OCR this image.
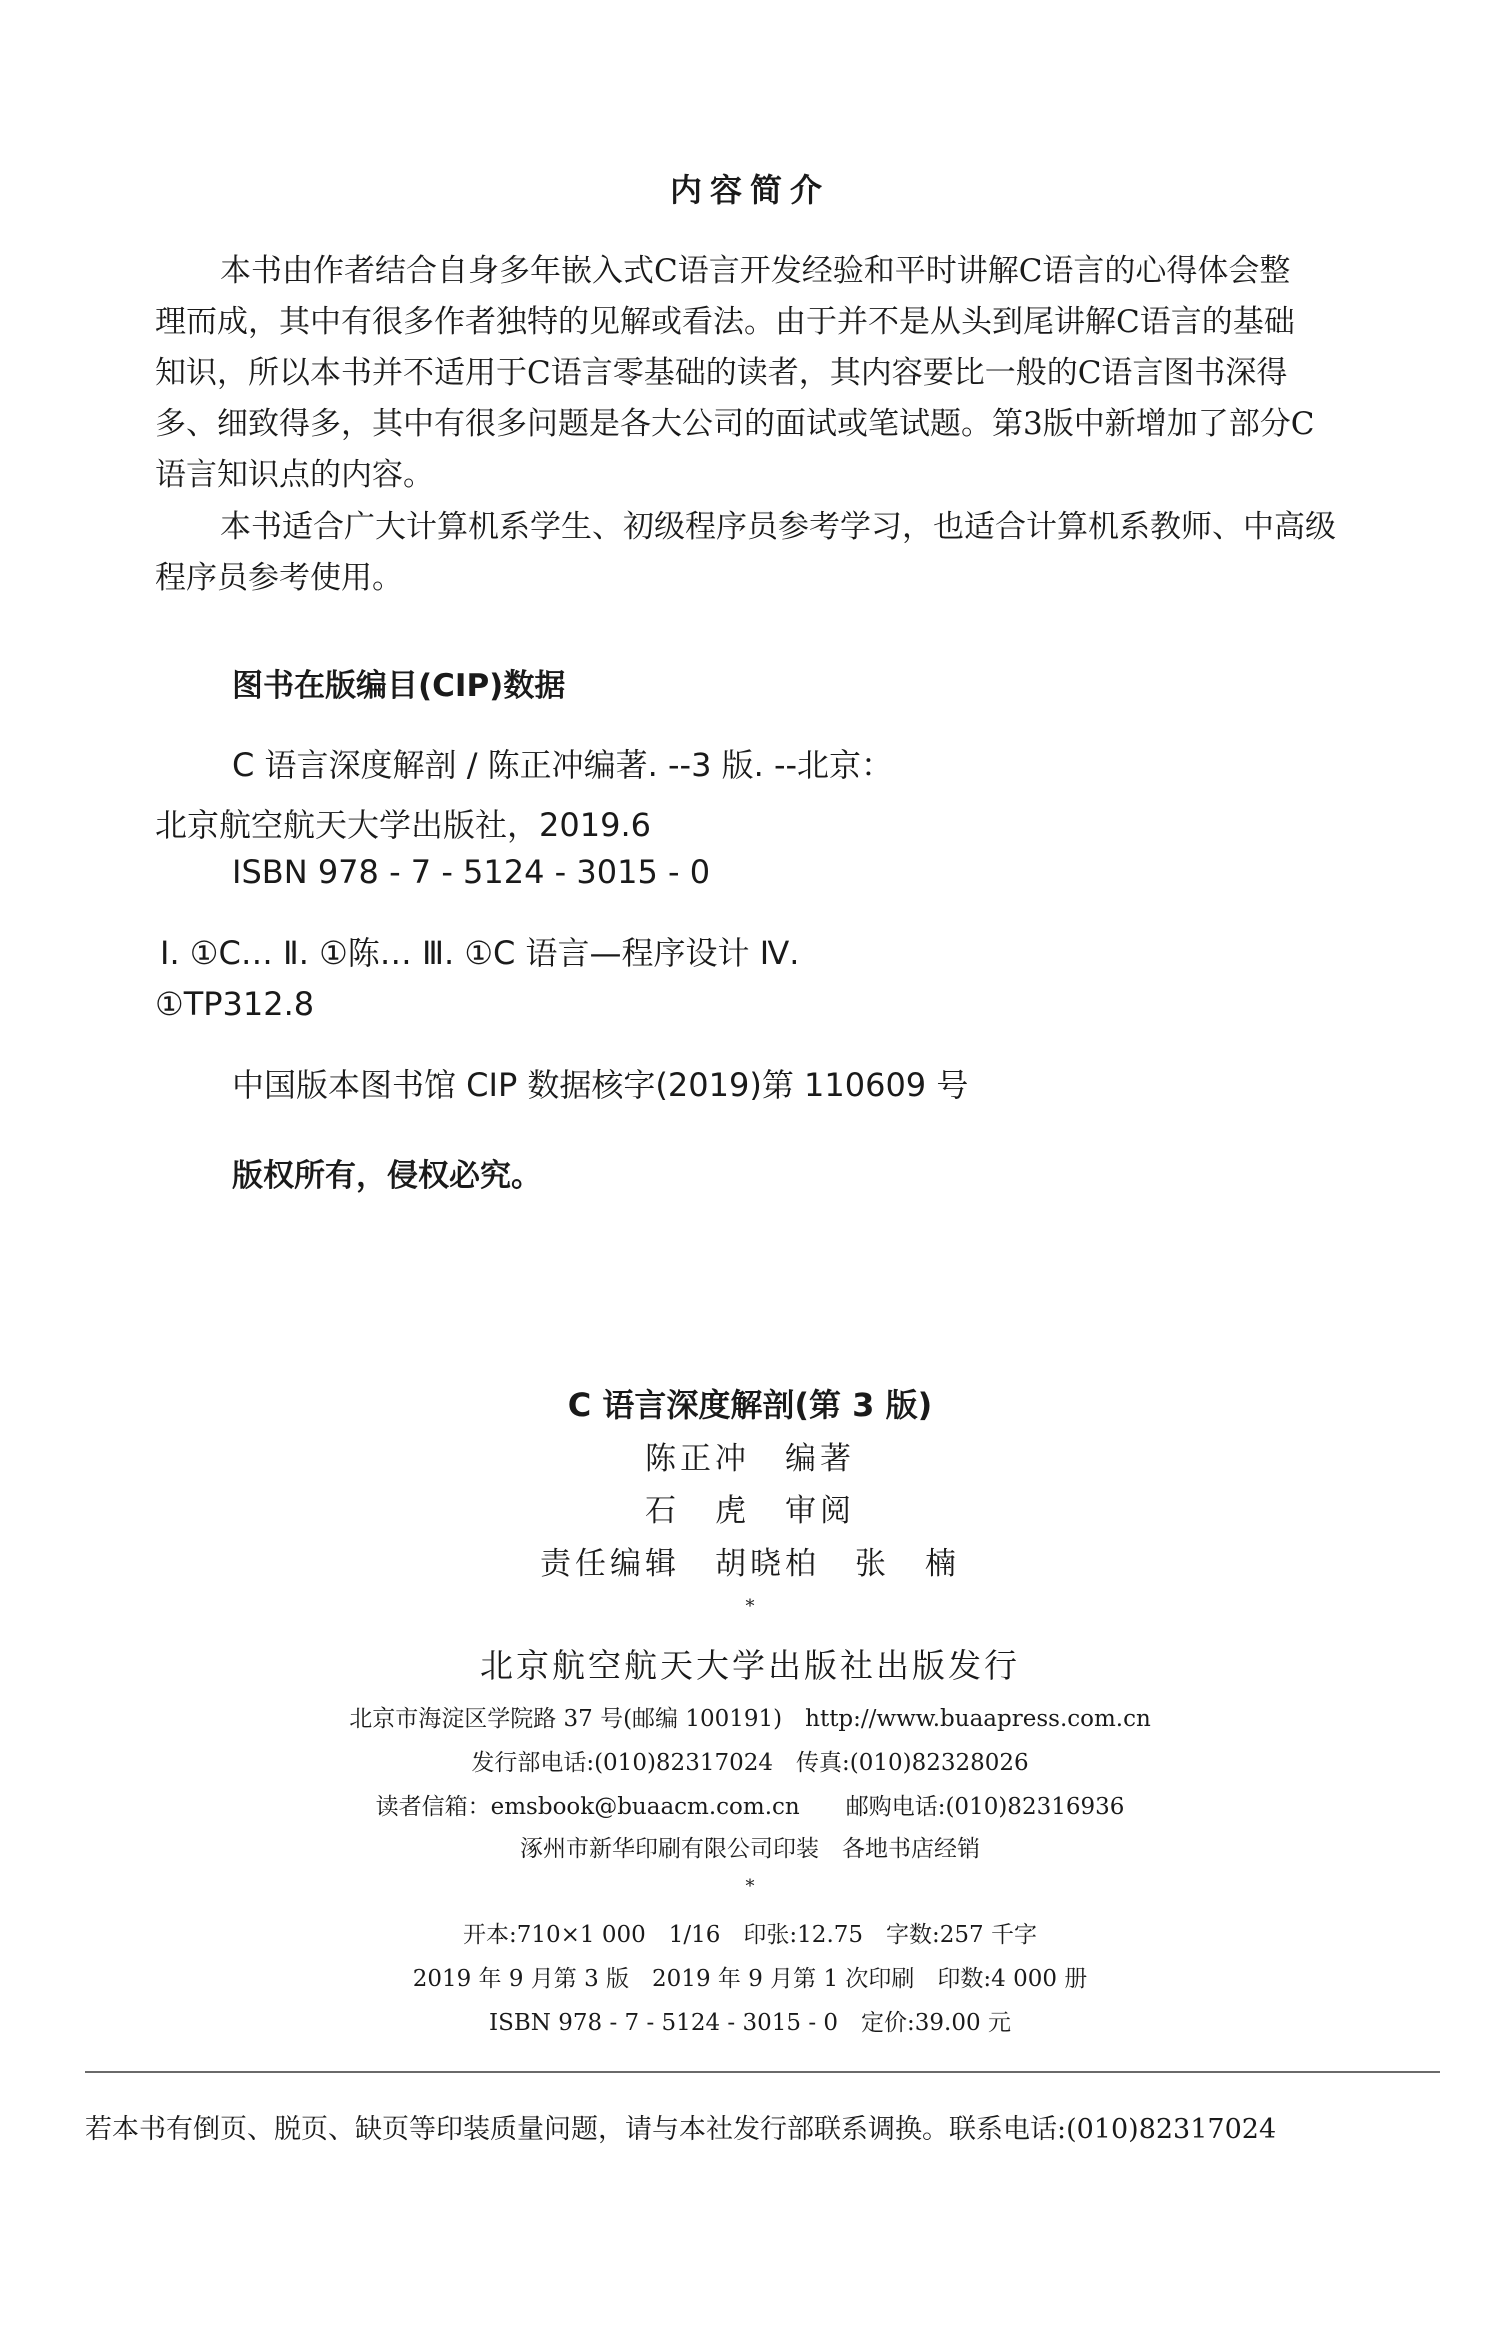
内容简介
本书由作者结合自身多年嵌入式C语言开发经验和平时讲解C语言的心得体会整
理而成，其中有很多作者独特的见解或看法。由于并不是从头到尾讲解C语言的基础
知识，所以本书并不适用于C语言零基础的读者，其内容要比一般的C语言图书深得
多、细致得多，其中有很多问题是各大公司的面试或笔试题。第3版中新增加了部分C
语言知识点的内容。
本书适合广大计算机系学生、初级程序员参考学习，也适合计算机系教师、中高级
程序员参考使用。
图书在版编目(CIP)数据
C 语言深度解剖 / 陈正冲编著. --3 版. --北京：
北京航空航天大学出版社，2019.6
ISBN 978 - 7 - 5124 - 3015 - 0
Ⅰ. ①C… Ⅱ. ①陈… Ⅲ. ①C 语言—程序设计 Ⅳ.
①TP312.8
中国版本图书馆 CIP 数据核字(2019)第 110609 号
版权所有，侵权必究。
C 语言深度解剖(第 3 版)
陈正冲　编著
石　虎　审阅
责任编辑　胡晓柏　张　楠
*
北京航空航天大学出版社出版发行
北京市海淀区学院路 37 号(邮编 100191)　http://www.buaapress.com.cn
发行部电话:(010)82317024　传真:(010)82328026
读者信箱：emsbook@buaacm.com.cn　　邮购电话:(010)82316936
涿州市新华印刷有限公司印装　各地书店经销
*
开本:710×1 000　1/16　印张:12.75　字数:257 千字
2019 年 9 月第 3 版　2019 年 9 月第 1 次印刷　印数:4 000 册
ISBN 978 - 7 - 5124 - 3015 - 0　定价:39.00 元
若本书有倒页、脱页、缺页等印装质量问题，请与本社发行部联系调换。联系电话:(010)82317024
